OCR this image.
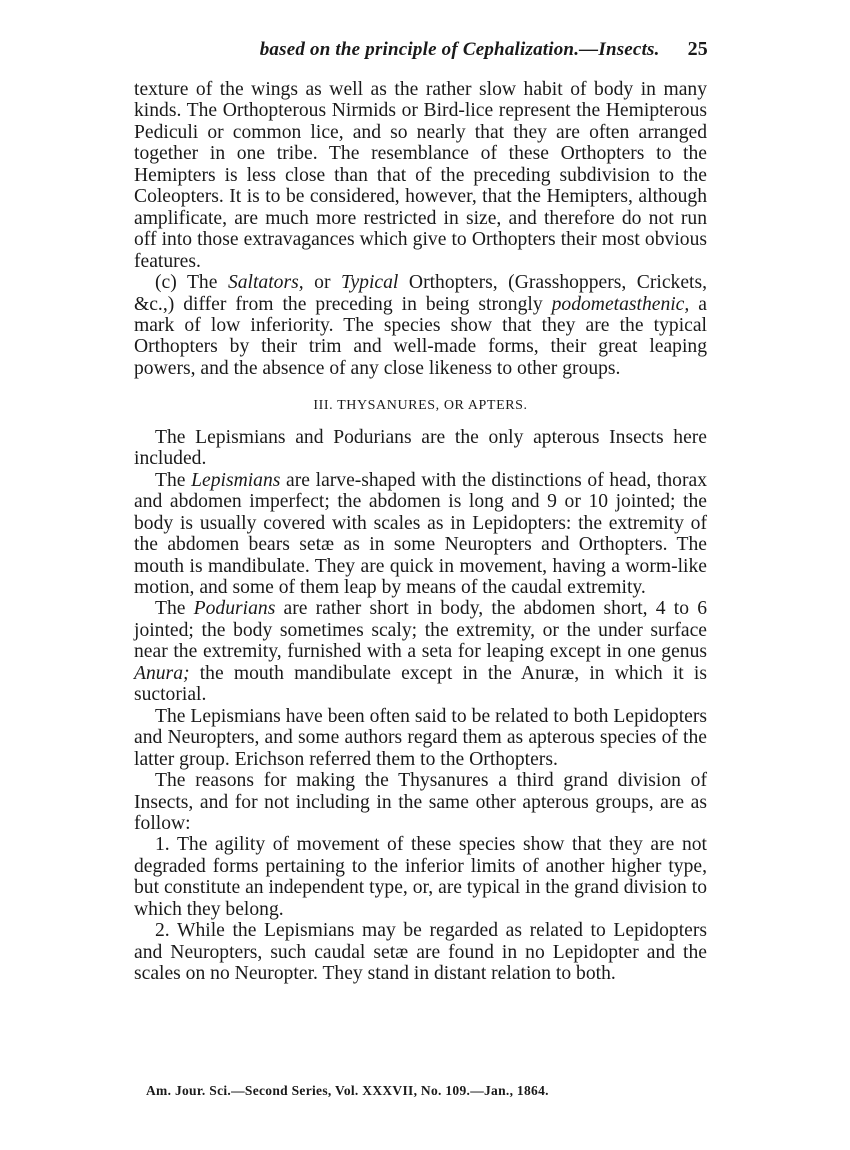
based on the principle of Cephalization.—Insects. 25

texture of the wings as well as the rather slow habit of body in many kinds. The Orthopterous Nirmids or Bird-lice represent the Hemipterous Pediculi or common lice, and so nearly that they are often arranged together in one tribe. The resemblance of these Orthopters to the Hemipters is less close than that of the preceding subdivision to the Coleopters. It is to be considered, however, that the Hemipters, although amplificate, are much more restricted in size, and therefore do not run off into those extravagances which give to Orthopters their most obvious features.

(c) The Saltators, or Typical Orthopters, (Grasshoppers, Crickets, &c.,) differ from the preceding in being strongly podometasthenic, a mark of low inferiority. The species show that they are the typical Orthopters by their trim and well-made forms, their great leaping powers, and the absence of any close likeness to other groups.

III. THYSANURES, OR APTERS.

The Lepismians and Podurians are the only apterous Insects here included.

The Lepismians are larve-shaped with the distinctions of head, thorax and abdomen imperfect; the abdomen is long and 9 or 10 jointed; the body is usually covered with scales as in Lepidopters: the extremity of the abdomen bears setæ as in some Neuropters and Orthopters. The mouth is mandibulate. They are quick in movement, having a worm-like motion, and some of them leap by means of the caudal extremity.

The Podurians are rather short in body, the abdomen short, 4 to 6 jointed; the body sometimes scaly; the extremity, or the under surface near the extremity, furnished with a seta for leaping except in one genus Anura; the mouth mandibulate except in the Anuræ, in which it is suctorial.

The Lepismians have been often said to be related to both Lepidopters and Neuropters, and some authors regard them as apterous species of the latter group. Erichson referred them to the Orthopters.

The reasons for making the Thysanures a third grand division of Insects, and for not including in the same other apterous groups, are as follow:

1. The agility of movement of these species show that they are not degraded forms pertaining to the inferior limits of another higher type, but constitute an independent type, or, are typical in the grand division to which they belong.

2. While the Lepismians may be regarded as related to Lepidopters and Neuropters, such caudal setæ are found in no Lepidopter and the scales on no Neuropter. They stand in distant relation to both.

Am. Jour. Sci.—Second Series, Vol. XXXVII, No. 109.—Jan., 1864.
